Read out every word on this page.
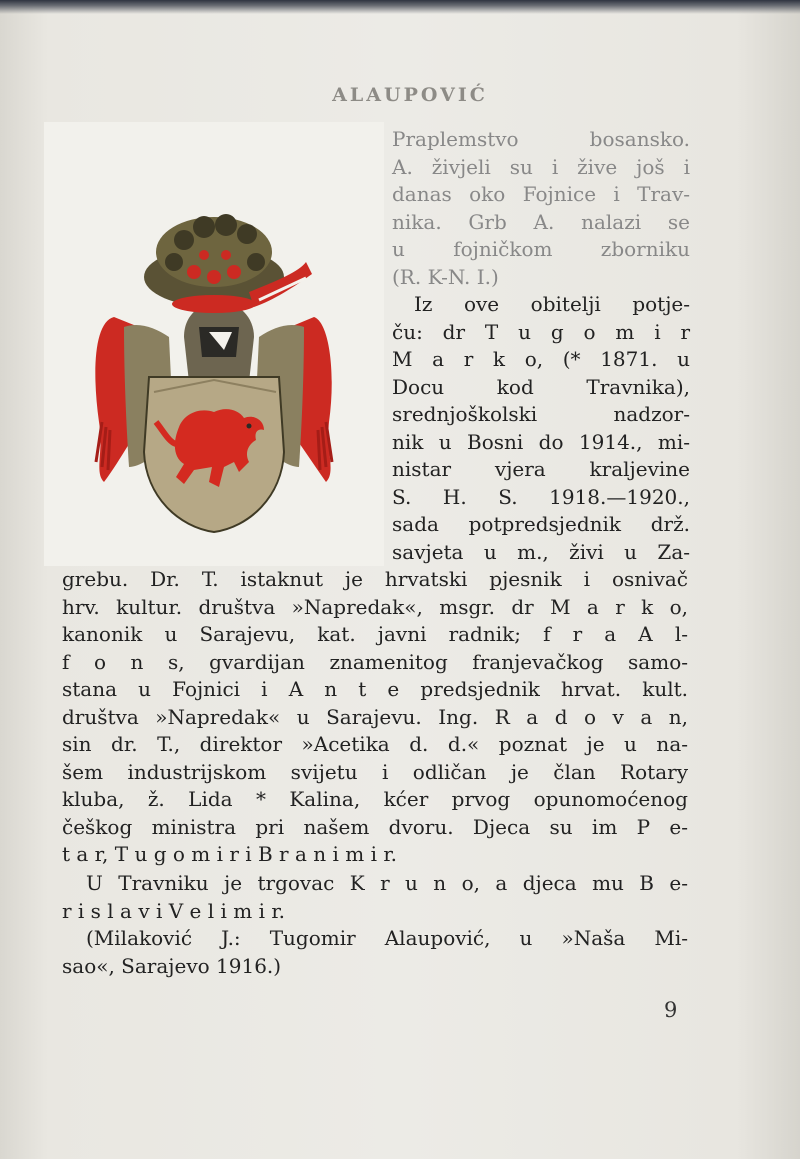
ALAUPOVIĆ
Praplemstvo bosansko.
A. živjeli su i žive još i
danas oko Fojnice i Trav-
nika. Grb A. nalazi se
u fojničkom zborniku
(R. K-N. I.)
Iz ove obitelji potje-
ču: dr T u g o m i r
M a r k o, (* 1871. u
Docu kod Travnika),
srednjoškolski nadzor-
nik u Bosni do 1914., mi-
nistar vjera kraljevine
S. H. S. 1918.—1920.,
sada potpredsjednik drž.
savjeta u m., živi u Za-
grebu. Dr. T. istaknut je hrvatski pjesnik i osnivač
hrv. kultur. društva »Napredak«, msgr. dr M a r k o,
kanonik u Sarajevu, kat. javni radnik; f r a A l-
f o n s, gvardijan znamenitog franjevačkog samo-
stana u Fojnici i A n t e predsjednik hrvat. kult.
društva »Napredak« u Sarajevu. Ing. R a d o v a n,
sin dr. T., direktor »Acetika d. d.« poznat je u na-
šem industrijskom svijetu i odličan je član Rotary
kluba, ž. Lida * Kalina, kćer prvog opunomoćenog
češkog ministra pri našem dvoru. Djeca su im P e-
t a r, T u g o m i r i B r a n i m i r.
U Travniku je trgovac K r u n o, a djeca mu B e-
r i s l a v i V e l i m i r.
(Milaković J.: Tugomir Alaupović, u »Naša Mi-
sao«, Sarajevo 1916.)
9
